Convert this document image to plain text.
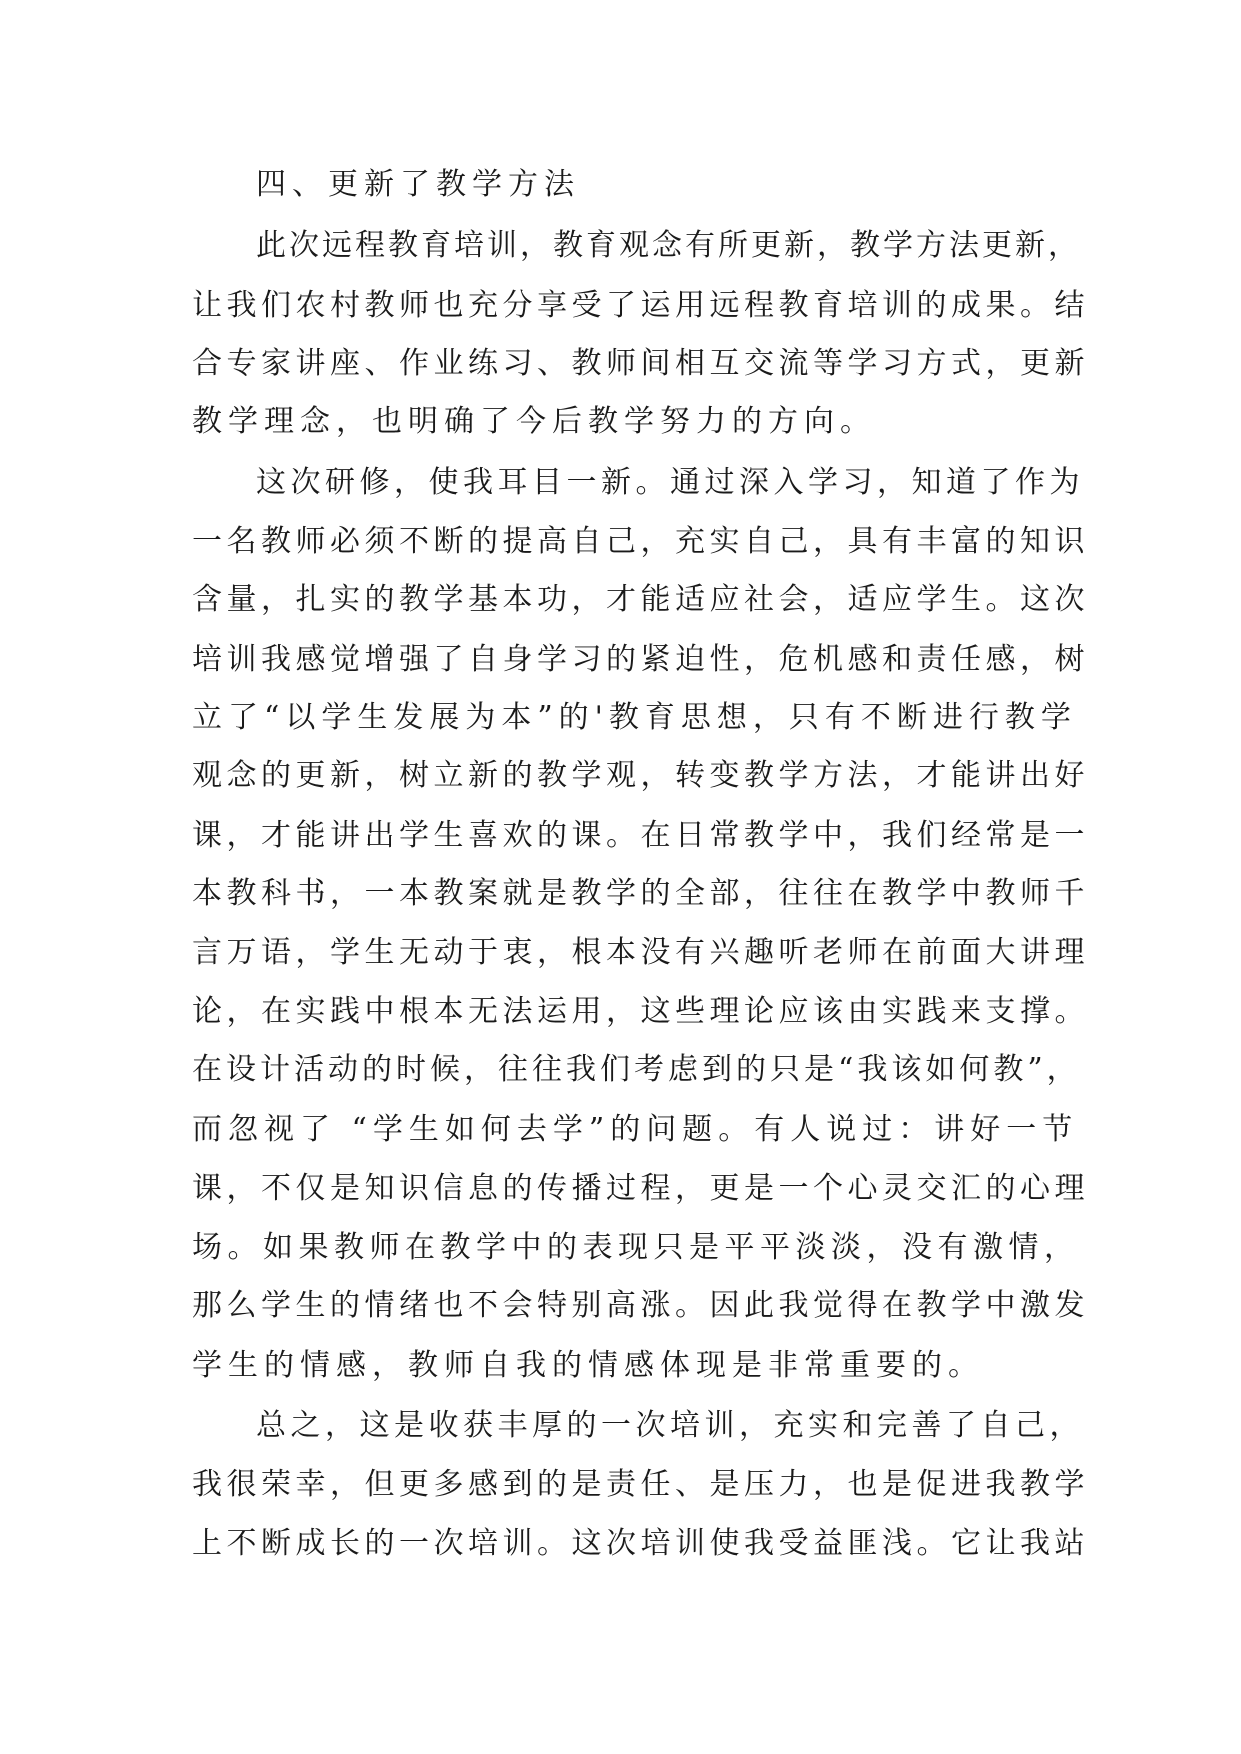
四、更新了教学方法
此次远程教育培训，教育观念有所更新，教学方法更新，
让我们农村教师也充分享受了运用远程教育培训的成果。结
合专家讲座、作业练习、教师间相互交流等学习方式，更新
教学理念，也明确了今后教学努力的方向。
这次研修，使我耳目一新。通过深入学习，知道了作为
一名教师必须不断的提高自己，充实自己，具有丰富的知识
含量，扎实的教学基本功，才能适应社会，适应学生。这次
培训我感觉增强了自身学习的紧迫性，危机感和责任感，树
立了“以学生发展为本”的'教育思想，只有不断进行教学
观念的更新，树立新的教学观，转变教学方法，才能讲出好
课，才能讲出学生喜欢的课。在日常教学中，我们经常是一
本教科书，一本教案就是教学的全部，往往在教学中教师千
言万语，学生无动于衷，根本没有兴趣听老师在前面大讲理
论，在实践中根本无法运用，这些理论应该由实践来支撑。
在设计活动的时候，往往我们考虑到的只是“我该如何教”，
而忽视了 “学生如何去学”的问题。有人说过：讲好一节
课，不仅是知识信息的传播过程，更是一个心灵交汇的心理
场。如果教师在教学中的表现只是平平淡淡，没有激情，
那么学生的情绪也不会特别高涨。因此我觉得在教学中激发
学生的情感，教师自我的情感体现是非常重要的。
总之，这是收获丰厚的一次培训，充实和完善了自己，
我很荣幸，但更多感到的是责任、是压力，也是促进我教学
上不断成长的一次培训。这次培训使我受益匪浅。它让我站
